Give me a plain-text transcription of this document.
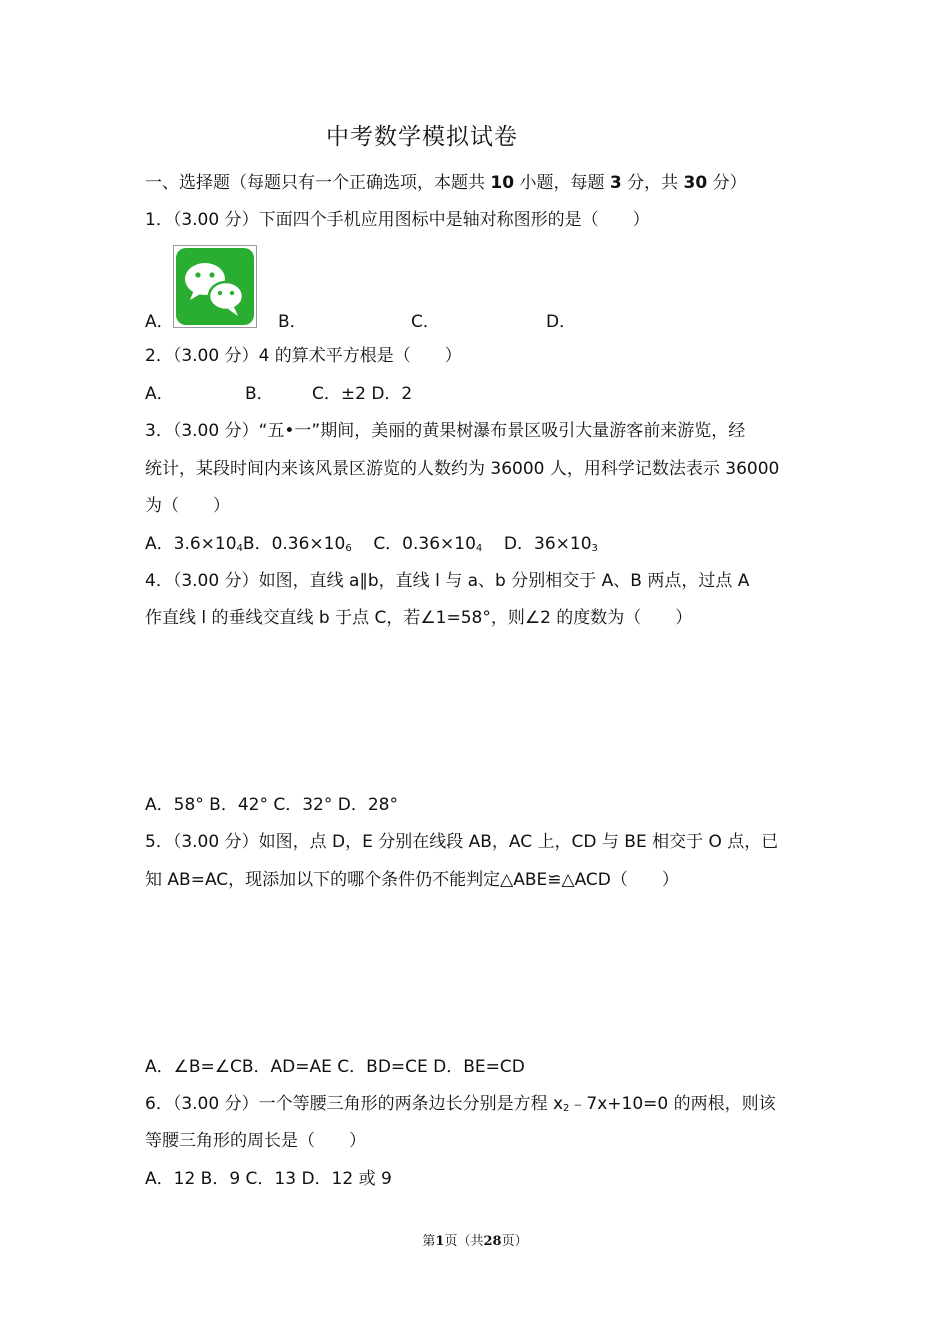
中考数学模拟试卷
一、选择题（每题只有一个正确选项，本题共 10 小题，每题 3 分，共 30 分）
1．（3.00 分）下面四个手机应用图标中是轴对称图形的是（　　）
A．	B．	C．	D．
2．（3.00 分）4 的算术平方根是（　　）
A．	B． C．±2 D．2
3．（3.00 分）“五•一”期间，美丽的黄果树瀑布景区吸引大量游客前来游览，经
统计，某段时间内来该风景区游览的人数约为 36000 人，用科学记数法表示 36000
为（　　）
A．3.6×104B．0.36×106 C．0.36×104 D．36×103
4．（3.00 分）如图，直线 a∥b，直线 l 与 a、b 分别相交于 A、B 两点，过点 A
作直线 l 的垂线交直线 b 于点 C，若∠1=58°，则∠2 的度数为（　　）
A．58° B．42° C．32° D．28°
5．（3.00 分）如图，点 D，E 分别在线段 AB，AC 上，CD 与 BE 相交于 O 点，已
知 AB=AC，现添加以下的哪个条件仍不能判定△ABE≌△ACD（　　）
A．∠B=∠CB．AD=AE C．BD=CE D．BE=CD
6．（3.00 分）一个等腰三角形的两条边长分别是方程 x2﹣7x+10=0 的两根，则该
等腰三角形的周长是（　　）
A．12 B．9 C．13 D．12 或 9
第1页（共28页）
